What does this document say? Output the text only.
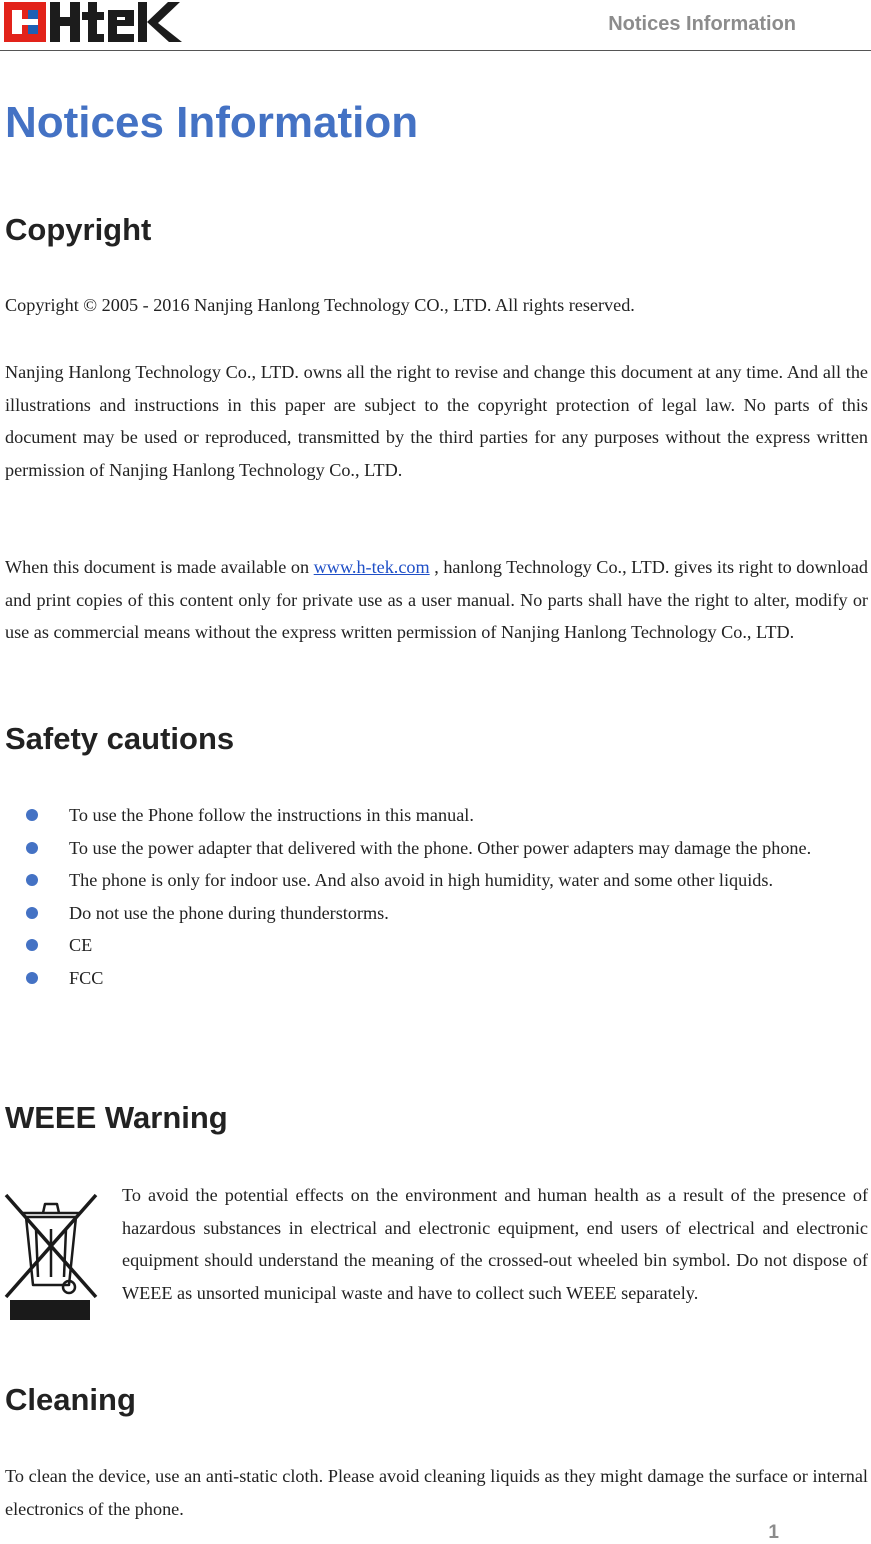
Notices Information
Notices Information
Copyright

Copyright © 2005 - 2016 Nanjing Hanlong Technology CO., LTD. All rights reserved.

Nanjing Hanlong Technology Co., LTD. owns all the right to revise and change this document at any time. And all the illustrations and instructions in this paper are subject to the copyright protection of legal law. No parts of this document may be used or reproduced, transmitted by the third parties for any purposes without the express written permission of Nanjing Hanlong Technology Co., LTD.

When this document is made available on www.h-tek.com , hanlong Technology Co., LTD. gives its right to download and print copies of this content only for private use as a user manual. No parts shall have the right to alter, modify or use as commercial means without the express written permission of Nanjing Hanlong Technology Co., LTD.

Safety cautions
To use the Phone follow the instructions in this manual.
To use the power adapter that delivered with the phone. Other power adapters may damage the phone.
The phone is only for indoor use. And also avoid in high humidity, water and some other liquids.
Do not use the phone during thunderstorms.
CE
FCC
WEEE Warning

To avoid the potential effects on the environment and human health as a result of the presence of hazardous substances in electrical and electronic equipment, end users of electrical and electronic equipment should understand the meaning of the crossed-out wheeled bin symbol. Do not dispose of WEEE as unsorted municipal waste and have to collect such WEEE separately.

Cleaning

To clean the device, use an anti-static cloth. Please avoid cleaning liquids as they might damage the surface or internal electronics of the phone.

1
